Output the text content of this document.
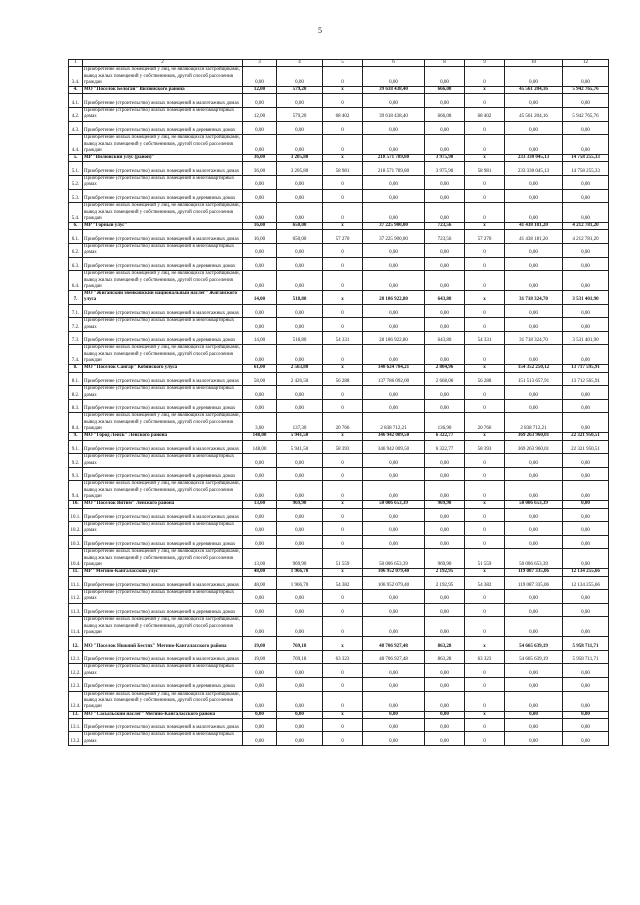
5
1	2	3	4	5	6	8	9	10	12
3.4.	Приобретение жилых помещений у лиц, не являющихся застройщиками, вывод жилых помещений у собственников, другой способ расселения граждан	0,00	0,00	0	0,00	0,00	0	0,00	0,00
4.	МО "Поселок Белогай" Вилюйского района	12,00	579,20	x	39 618 438,40	666,08	x	45 561 204,16	5 942 765,76
4.1.	Приобретение (строительство) жилых помещений в малоэтажных домах	0,00	0,00	0	0,00	0,00	0	0,00	0,00
4.2.	Приобретение (строительство) жилых помещений в многоквартирных домах	12,00	579,20	68 402	39 618 438,40	666,08	68 402	45 561 204,16	5 942 765,76
4.3.	Приобретение (строительство) жилых помещений в деревянных домах	0,00	0,00	0	0,00	0,00	0	0,00	0,00
4.4.	Приобретение жилых помещений у лиц, не являющихся застройщиками, вывод жилых помещений у собственников, другой способ расселения граждан	0,00	0,00	0	0,00	0,00	0	0,00	0,00
5.	МР "Вилюйский улус (район)"	36,00	3 205,80	x	218 571 789,80	3 975,90	x	233 330 045,13	14 758 255,33
5.1.	Приобретение (строительство) жилых помещений в малоэтажных домах	36,00	3 205,80	58 981	218 571 789,80	3 975,90	58 981	233 330 045,13	14 758 255,33
5.2.	Приобретение (строительство) жилых помещений в многоквартирных домах	0,00	0,00	0	0,00	0,00	0	0,00	0,00
5.3.	Приобретение (строительство) жилых помещений в деревянных домах	0,00	0,00	0	0,00	0,00	0	0,00	0,00
5.4.	Приобретение жилых помещений у лиц, не являющихся застройщиками, вывод жилых помещений у собственников, другой способ расселения граждан	0,00	0,00	0	0,00	0,00	0	0,00	0,00
6.	МР "Горный улус"	16,00	650,00	x	37 225 900,00	723,56	x	41 438 181,20	4 212 781,20
6.1.	Приобретение (строительство) жилых помещений в малоэтажных домах	16,00	650,00	57 270	37 225 900,00	723,56	57 270	41 438 181,20	4 212 781,20
6.2.	Приобретение (строительство) жилых помещений в многоквартирных домах	0,00	0,00	0	0,00	0,00	0	0,00	0,00
6.3.	Приобретение (строительство) жилых помещений в деревянных домах	0,00	0,00	0	0,00	0,00	0	0,00	0,00
6.4.	Приобретение жилых помещений у лиц, не являющихся застройщиками, вывод жилых помещений у собственников, другой способ расселения граждан	0,00	0,00	0	0,00	0,00	0	0,00	0,00
7.	МО "Жиганский эвенкийский национальный наслег" Жиганского улуса	14,00	518,80	x	28 186 922,80	643,80	x	31 718 324,70	3 531 401,90
7.1.	Приобретение (строительство) жилых помещений в малоэтажных домах	0,00	0,00	0	0,00	0,00	0	0,00	0,00
7.2.	Приобретение (строительство) жилых помещений в многоквартирных домах	0,00	0,00	0	0,00	0,00	0	0,00	0,00
7.3.	Приобретение (строительство) жилых помещений в деревянных домах	14,00	518,80	54 331	28 186 922,80	643,80	54 331	31 718 324,70	3 531 401,90
7.4.	Приобретение жилых помещений у лиц, не являющихся застройщиками, вывод жилых помещений у собственников, другой способ расселения граждан	0,00	0,00	0	0,00	0,00	0	0,00	0,00
8.	МО "Поселок Сангар" Кобяйского улуса	61,00	2 563,80	x	140 624 704,21	2 804,96	x	154 352 250,12	13 717 595,91
8.1.	Приобретение (строительство) жилых помещений в малоэтажных домах	58,00	2 426,50	56 288	137 786 092,00	2 668,06	56 288	151 513 657,91	13 712 565,91
8.2.	Приобретение (строительство) жилых помещений в многоквартирных домах	0,00	0,00	0	0,00	0,00	0	0,00	0,00
8.3.	Приобретение (строительство) жилых помещений в деревянных домах	0,00	0,00	0	0,00	0,00	0	0,00	0,00
8.4.	Приобретение жилых помещений у лиц, не являющихся застройщиками, вывод жилых помещений у собственников, другой способ расселения граждан	3,00	137,30	20 766	2 838 712,21	136,90	20 766	2 838 712,21	0,00
9.	МО "Город Ленск" Ленского района	148,00	5 941,50	x	346 942 009,50	6 322,77	x	369 263 960,01	22 321 950,51
9.1.	Приобретение (строительство) жилых помещений в малоэтажных домах	148,00	5 941,50	58 393	346 942 009,50	6 322,77	58 393	369 263 960,01	22 321 950,51
9.2.	Приобретение (строительство) жилых помещений в многоквартирных домах	0,00	0,00	0	0,00	0,00	0	0,00	0,00
9.3.	Приобретение (строительство) жилых помещений в деревянных домах	0,00	0,00	0	0,00	0,00	0	0,00	0,00
9.4.	Приобретение жилых помещений у лиц, не являющихся застройщиками, вывод жилых помещений у собственников, другой способ расселения граждан	0,00	0,00	0	0,00	0,00	0	0,00	0,00
10.	МО "Поселок Витим" Ленского района	13,00	969,90	x	50 006 653,39	969,90	x	50 006 653,39	0,00
10.1.	Приобретение (строительство) жилых помещений в малоэтажных домах	0,00	0,00	0	0,00	0,00	0	0,00	0,00
10.2.	Приобретение (строительство) жилых помещений в многоквартирных домах	0,00	0,00	0	0,00	0,00	0	0,00	0,00
10.3.	Приобретение (строительство) жилых помещений в деревянных домах	0,00	0,00	0	0,00	0,00	0	0,00	0,00
10.4.	Приобретение жилых помещений у лиц, не являющихся застройщиками, вывод жилых помещений у собственников, другой способ расселения граждан	13,00	969,90	51 559	50 006 653,39	969,90	51 559	50 006 653,39	0,00
11.	МР "Мегино-Кангаласский улус"	48,00	1 966,70	x	106 952 079,40	2 192,95	x	119 087 335,06	12 134 255,66
11.1.	Приобретение (строительство) жилых помещений в малоэтажных домах	48,00	1 966,70	54 382	106 952 079,40	2 192,95	54 382	119 087 335,06	12 134 255,66
11.2.	Приобретение (строительство) жилых помещений в многоквартирных домах	0,00	0,00	0	0,00	0,00	0	0,00	0,00
11.3.	Приобретение (строительство) жилых помещений в деревянных домах	0,00	0,00	0	0,00	0,00	0	0,00	0,00
11.4.	Приобретение жилых помещений у лиц, не являющихся застройщиками, вывод жилых помещений у собственников, другой способ расселения граждан	0,00	0,00	0	0,00	0,00	0	0,00	0,00
12.	МО "Поселок Нижний Бестях" Мегино-Кангаласского района	19,00	769,18	x	48 706 927,48	863,28	x	54 665 639,19	5 958 711,71
12.1.	Приобретение (строительство) жилых помещений в малоэтажных домах	19,00	769,18	63 323	48 706 927,48	863,28	63 323	54 665 639,19	5 958 711,71
12.2.	Приобретение (строительство) жилых помещений в многоквартирных домах	0,00	0,00	0	0,00	0,00	0	0,00	0,00
12.3.	Приобретение (строительство) жилых помещений в деревянных домах	0,00	0,00	0	0,00	0,00	0	0,00	0,00
12.4.	Приобретение жилых помещений у лиц, не являющихся застройщиками, вывод жилых помещений у собственников, другой способ расселения граждан	0,00	0,00	0	0,00	0,00	0	0,00	0,00
13.	МО "Сасыльский наслег" Мегино-Кангаласского района	0,00	0,00	x	0,00	0,00	x	0,00	0,00
13.1.	Приобретение (строительство) жилых помещений в малоэтажных домах	0,00	0,00	0	0,00	0,00	0	0,00	0,00
13.2.	Приобретение (строительство) жилых помещений в многоквартирных домах	0,00	0,00	0	0,00	0,00	0	0,00	0,00
